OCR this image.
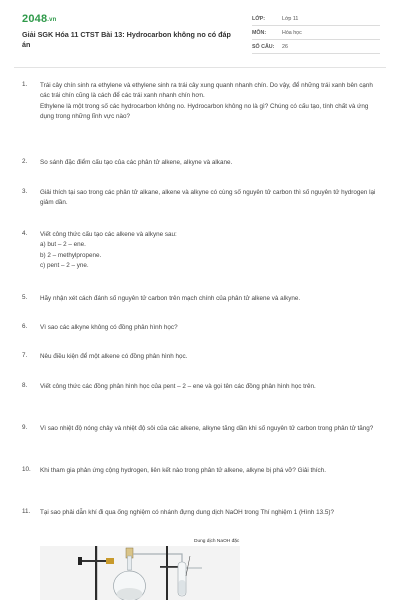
2048.vn
Giải SGK Hóa 11 CTST Bài 13: Hydrocarbon không no có đáp án
LỚP:	Lớp 11
MÔN:	Hóa học
SỐ CÂU:	26
1. Trái cây chín sinh ra ethylene và ethylene sinh ra trái cây xung quanh nhanh chín. Do vậy, để những trái xanh bên cạnh các trái chín cũng là cách để các trái xanh nhanh chín hơn.

Ethylene là một trong số các hydrocarbon không no. Hydrocarbon không no là gì? Chúng có cấu tạo, tính chất và ứng dụng trong những lĩnh vực nào?

2. So sánh đặc điểm cấu tạo của các phân tử alkene, alkyne và alkane.

3. Giải thích tại sao trong các phân tử alkane, alkene và alkyne có cùng số nguyên tử carbon thì số nguyên tử hydrogen lại giảm dần.

4. Viết công thức cấu tạo các alkene và alkyne sau:

a) but – 2 – ene.

b) 2 – methylpropene.

c) pent – 2 – yne.

5. Hãy nhận xét cách đánh số nguyên tử carbon trên mạch chính của phân tử alkene và alkyne.

6. Vì sao các alkyne không có đồng phân hình học?

7. Nêu điều kiện để một alkene có đồng phân hình học.

8. Viết công thức các đồng phân hình học của pent – 2 – ene và gọi tên các đồng phân hình học trên.

9. Vì sao nhiệt độ nóng chảy và nhiệt độ sôi của các alkene, alkyne tăng dần khi số nguyên tử carbon trong phân tử tăng?

10. Khi tham gia phản ứng cộng hydrogen, liên kết nào trong phân tử alkene, alkyne bị phá vỡ? Giải thích.

11. Tại sao phải dẫn khí đi qua ống nghiệm có nhánh đựng dung dịch NaOH trong Thí nghiệm 1 (Hình 13.5)?

Dung dịch NaOH đặc
